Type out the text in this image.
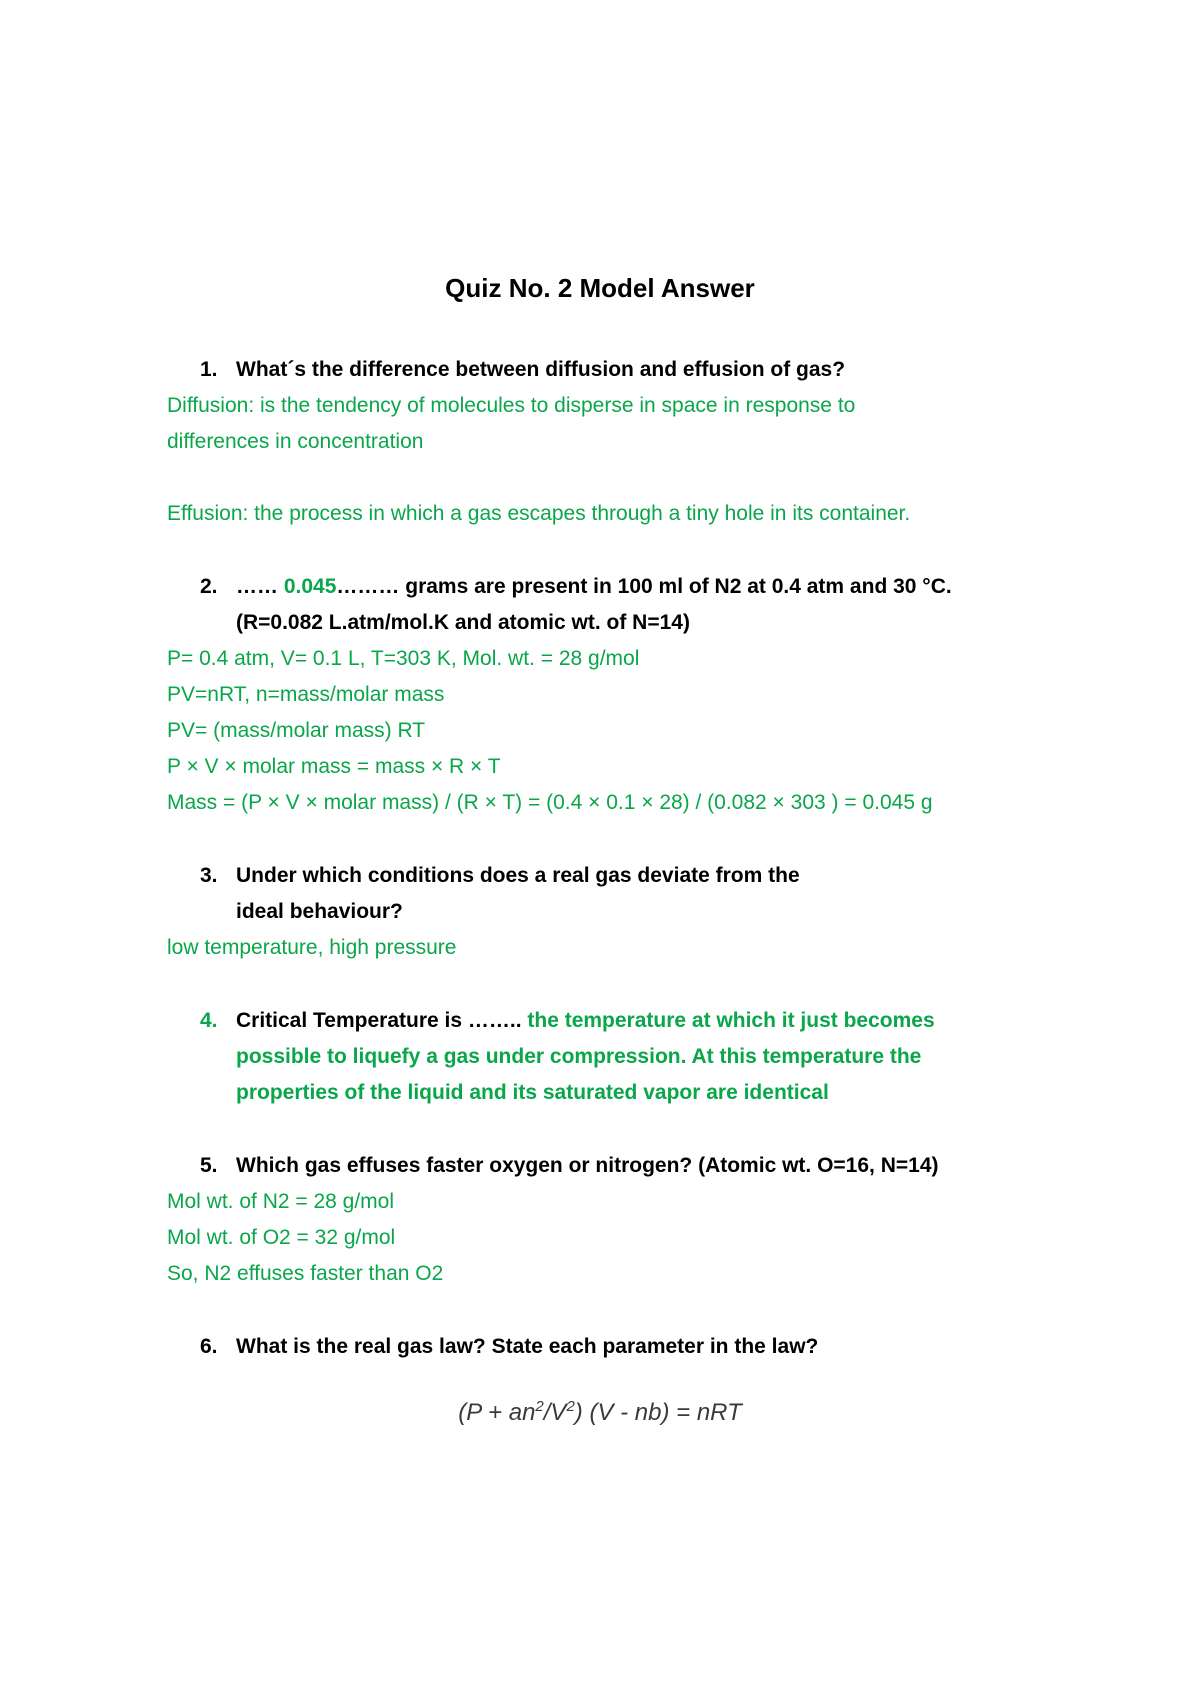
Quiz No. 2 Model Answer
1. What´s the difference between diffusion and effusion of gas?
Diffusion: is the tendency of molecules to disperse in space in response to
differences in concentration
Effusion: the process in which a gas escapes through a tiny hole in its container.
2. …… 0.045……… grams are present in 100 ml of N2 at 0.4 atm and 30 °C.
(R=0.082 L.atm/mol.K and atomic wt. of N=14)
P= 0.4 atm, V= 0.1 L, T=303 K, Mol. wt. = 28 g/mol
PV=nRT, n=mass/molar mass
PV= (mass/molar mass) RT
P × V × molar mass = mass × R × T
Mass = (P × V × molar mass) / (R × T) = (0.4 × 0.1 × 28) / (0.082 × 303 ) = 0.045 g
3. Under which conditions does a real gas deviate from the
ideal behaviour?
low temperature, high pressure
4. Critical Temperature is …….. the temperature at which it just becomes
possible to liquefy a gas under compression. At this temperature the
properties of the liquid and its saturated vapor are identical
5. Which gas effuses faster oxygen or nitrogen? (Atomic wt. O=16, N=14)
Mol wt. of N2 = 28 g/mol
Mol wt. of O2 = 32 g/mol
So, N2 effuses faster than O2
6. What is the real gas law? State each parameter in the law?
$(P + an^2/V^2)$ (V - nb) = nRT
